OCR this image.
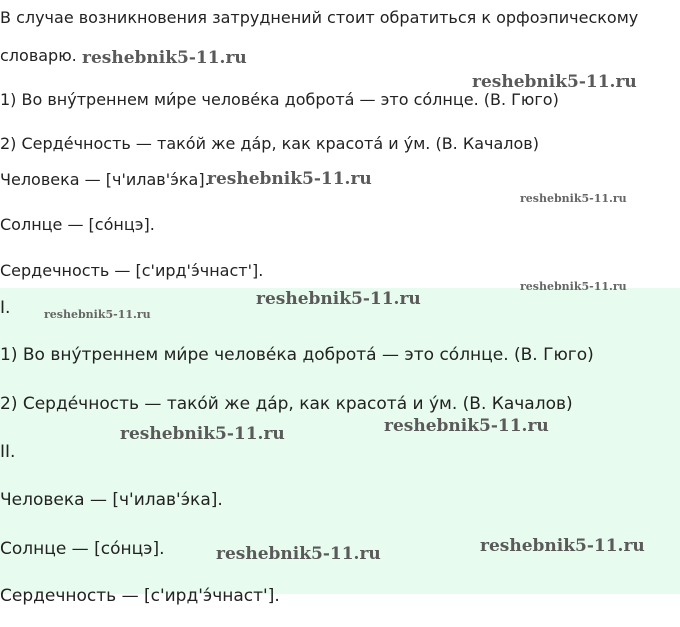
В случае возникновения затруднений стоит обратиться к орфоэпическому

словарю.

1) Во вну́треннем ми́ре челове́ка доброта́ — это со́лнце. (В. Гюго)

2) Серде́чность — тако́й же да́р, как красота́ и у́м. (В. Качалов)

Человека — [ч'илав'э́ка].

Солнце — [со́нцэ].

Сердечность — [с'ирд'э́чнаст'].

I.

1) Во вну́треннем ми́ре челове́ка доброта́ — это со́лнце. (В. Гюго)

2) Серде́чность — тако́й же да́р, как красота́ и у́м. (В. Качалов)

II.

Человека — [ч'илав'э́ка].

Солнце — [со́нцэ].

Сердечность — [с'ирд'э́чнаст'].
reshebnik5-11.ru
reshebnik5-11.ru
reshebnik5-11.ru
reshebnik5-11.ru
reshebnik5-11.ru
reshebnik5-11.ru
reshebnik5-11.ru
reshebnik5-11.ru
reshebnik5-11.ru
reshebnik5-11.ru
reshebnik5-11.ru
